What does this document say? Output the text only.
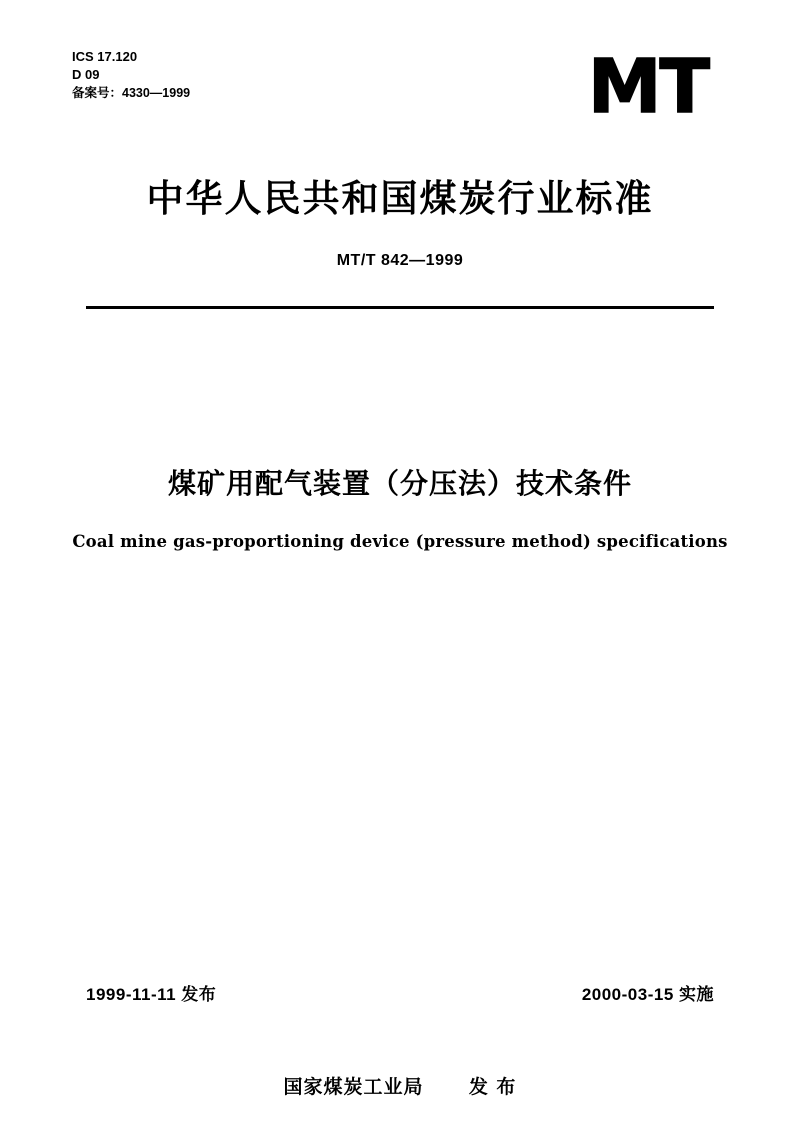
ICS 17.120
D 09
备案号：4330—1999	MT
中华人民共和国煤炭行业标准
MT/T 842—1999
煤矿用配气装置（分压法）技术条件
Coal mine gas-proportioning device (pressure method) specifications
1999-11-11 发布	2000-03-15 实施
国家煤炭工业局 发 布
